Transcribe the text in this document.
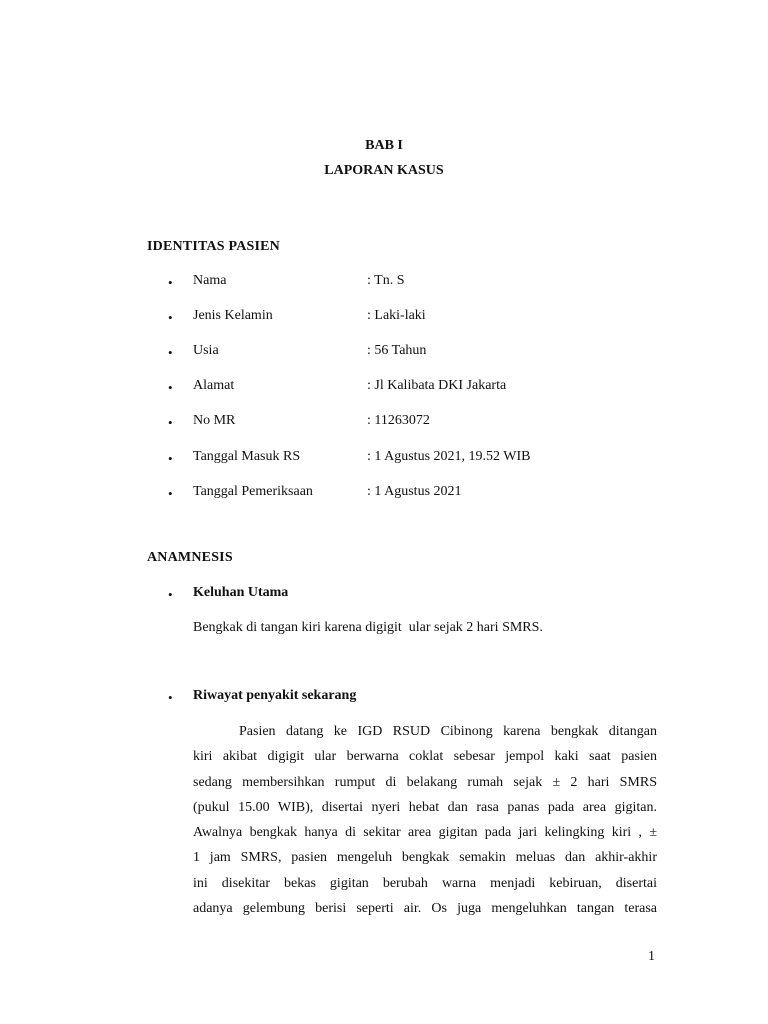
BAB I
LAPORAN KASUS
IDENTITAS PASIEN
• Nama	: Tn. S
• Jenis Kelamin	: Laki-laki
• Usia	: 56 Tahun
• Alamat	: Jl Kalibata DKI Jakarta
• No MR	: 11263072
• Tanggal Masuk RS	: 1 Agustus 2021, 19.52 WIB
• Tanggal Pemeriksaan	: 1 Agustus 2021
ANAMNESIS
• Keluhan Utama
Bengkak di tangan kiri karena digigit  ular sejak 2 hari SMRS.
• Riwayat penyakit sekarang
Pasien datang ke IGD RSUD Cibinong karena bengkak ditangan
kiri akibat digigit ular berwarna coklat sebesar jempol kaki saat pasien
sedang membersihkan rumput di belakang rumah sejak ± 2 hari SMRS
(pukul 15.00 WIB), disertai nyeri hebat dan rasa panas pada area gigitan.
Awalnya bengkak hanya di sekitar area gigitan pada jari kelingking kiri , ±
1 jam SMRS, pasien mengeluh bengkak semakin meluas dan akhir-akhir
ini disekitar bekas gigitan berubah warna menjadi kebiruan, disertai
adanya gelembung berisi seperti air. Os juga mengeluhkan tangan terasa
1
